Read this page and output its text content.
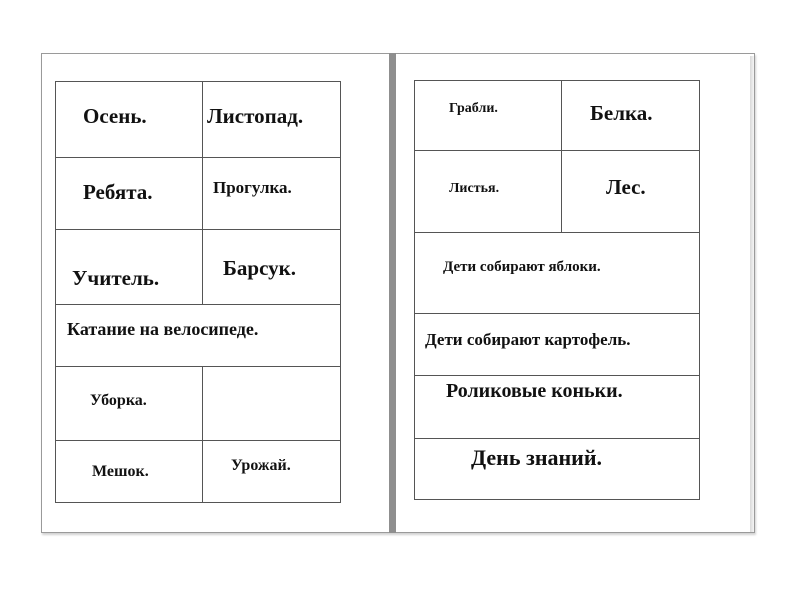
Осень.	Листопад.
Ребята.	Прогулка.
Учитель.	Барсук.
Катание на велосипеде.
Уборка.
Мешок.	Урожай.
Грабли.	Белка.
Листья.	Лес.
Дети собирают яблоки.
Дети собирают картофель.
Роликовые коньки.
День знаний.
